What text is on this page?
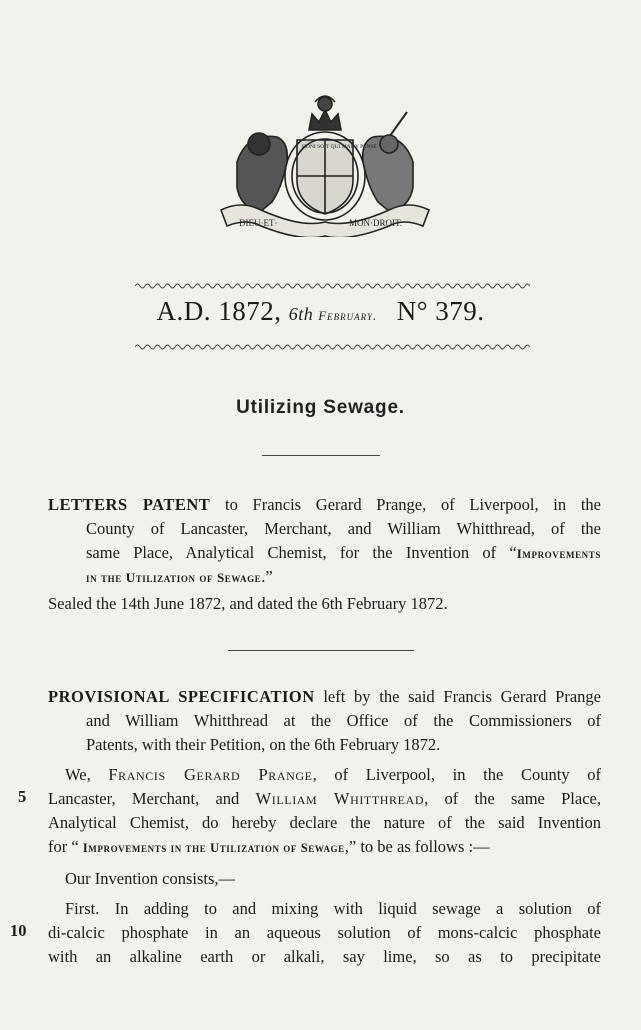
DIEU·ET·	MON·DROIT.
HONI SOIT QUI MAL Y PENSE
A.D. 1872, 6th February. N° 379.
Utilizing Sewage.
LETTERS PATENT to Francis Gerard Prange, of Liverpool, in the
County of Lancaster, Merchant, and William Whitthread, of the
same Place, Analytical Chemist, for the Invention of “Improvements
in the Utilization of Sewage.”
Sealed the 14th June 1872, and dated the 6th February 1872.
PROVISIONAL SPECIFICATION left by the said Francis Gerard Prange
and William Whitthread at the Office of the Commissioners of
Patents, with their Petition, on the 6th February 1872.
We, Francis Gerard Prange, of Liverpool, in the County of
Lancaster, Merchant, and William Whitthread, of the same Place,
Analytical Chemist, do hereby declare the nature of the said Invention
for “ Improvements in the Utilization of Sewage,” to be as follows :—
Our Invention consists,—
First. In adding to and mixing with liquid sewage a solution of
di-calcic phosphate in an aqueous solution of mons-calcic phosphate
with an alkaline earth or alkali, say lime, so as to precipitate
5
10
